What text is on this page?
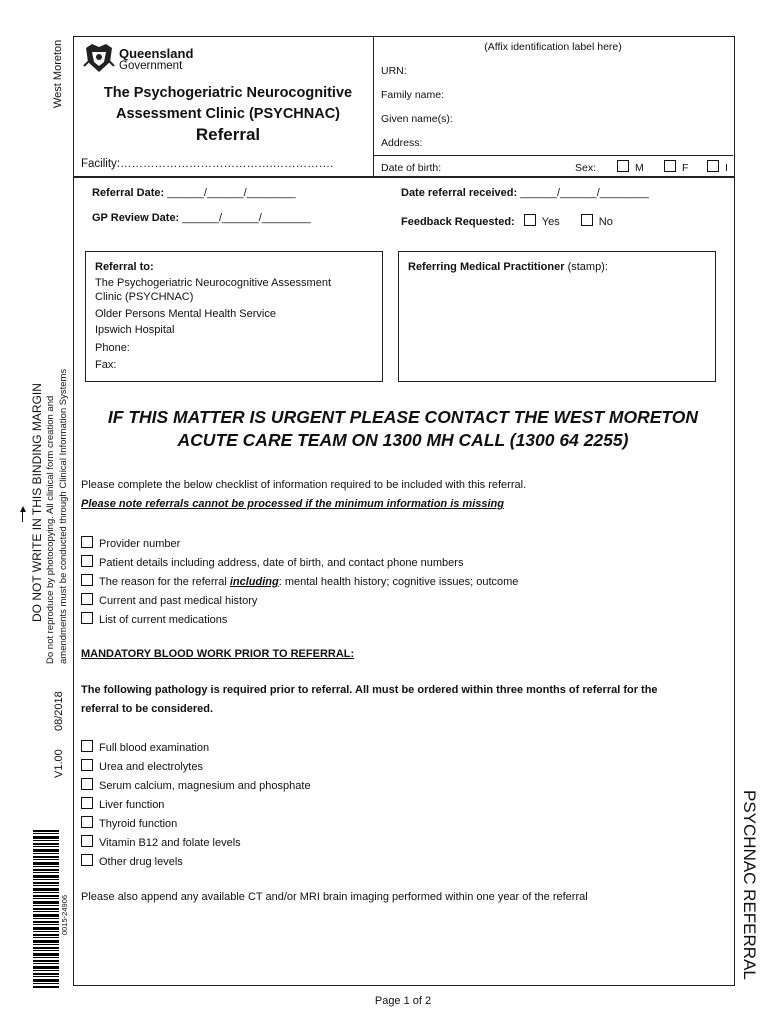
West Moreton
DO NOT WRITE IN THIS BINDING MARGIN Do not reproduce by photocopying. All clinical form creation and amendments must be conducted through Clinical Information Systems
V1.00
08/2018
0015-24906
Queensland
Government
The Psychogeriatric Neurocognitive
Assessment Clinic (PSYCHNAC)
Referral
Facility:………………………………….…………….
(Affix identification label here)
URN:
Family name:
Given name(s):
Address:
Date of birth:	Sex:	M	F	I
Referral Date: ______/______/________
GP Review Date: ______/______/________
Date referral received: ______/______/________
Feedback Requested: Yes	No
Referral to:
The Psychogeriatric Neurocognitive Assessment
Clinic (PSYCHNAC)
Older Persons Mental Health Service
Ipswich Hospital
Phone:
Fax:
Referring Medical Practitioner (stamp):
IF THIS MATTER IS URGENT PLEASE CONTACT THE WEST MORETON
ACUTE CARE TEAM ON 1300 MH CALL (1300 64 2255)
Please complete the below checklist of information required to be included with this referral.
Please note referrals cannot be processed if the minimum information is missing
Provider number
Patient details including address, date of birth, and contact phone numbers
The reason for the referral including: mental health history; cognitive issues; outcome
Current and past medical history
List of current medications
MANDATORY BLOOD WORK PRIOR TO REFERRAL:
The following pathology is required prior to referral. All must be ordered within three months of referral for the
referral to be considered.
Full blood examination
Urea and electrolytes
Serum calcium, magnesium and phosphate
Liver function
Thyroid function
Vitamin B12 and folate levels
Other drug levels
Please also append any available CT and/or MRI brain imaging performed within one year of the referral	PSYCHNAC REFERRAL
Page 1 of 2
